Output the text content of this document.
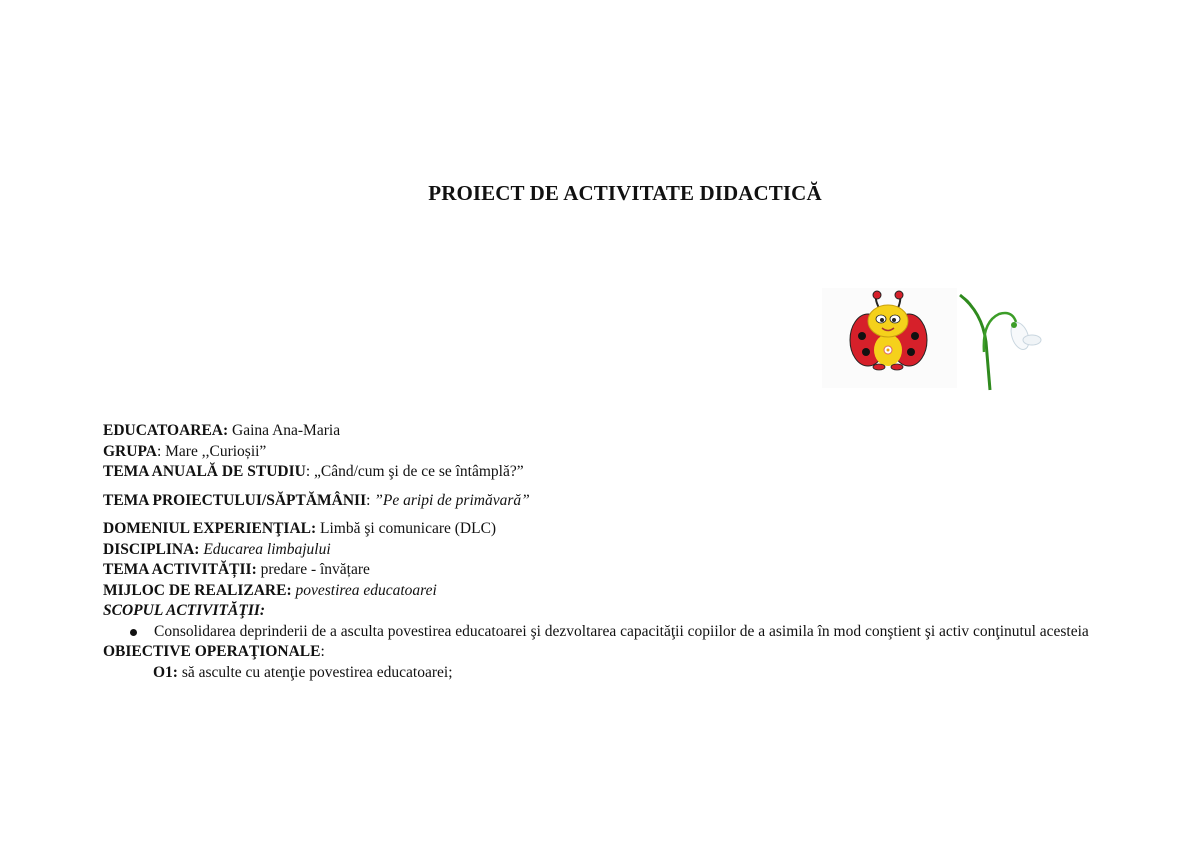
PROIECT DE ACTIVITATE DIDACTICĂ
EDUCATOAREA: Gaina Ana-Maria
GRUPA: Mare ,,Curioșii”
TEMA ANUALĂ DE STUDIU: „Când/cum şi de ce se întâmplă?”
TEMA PROIECTULUI/SĂPTĂMÂNII: ”Pe aripi de primăvară”
DOMENIUL EXPERIENŢIAL: Limbă şi comunicare (DLC)
DISCIPLINA: Educarea limbajului
TEMA ACTIVITĂȚII: predare - învățare
MIJLOC DE REALIZARE: povestirea educatoarei
SCOPUL ACTIVITĂŢII:
Consolidarea deprinderii de a asculta povestirea educatoarei şi dezvoltarea capacităţii copiilor de a asimila în mod conştient şi activ conţinutul acesteia
OBIECTIVE OPERAŢIONALE:
O1: să asculte cu atenţie povestirea educatoarei;
